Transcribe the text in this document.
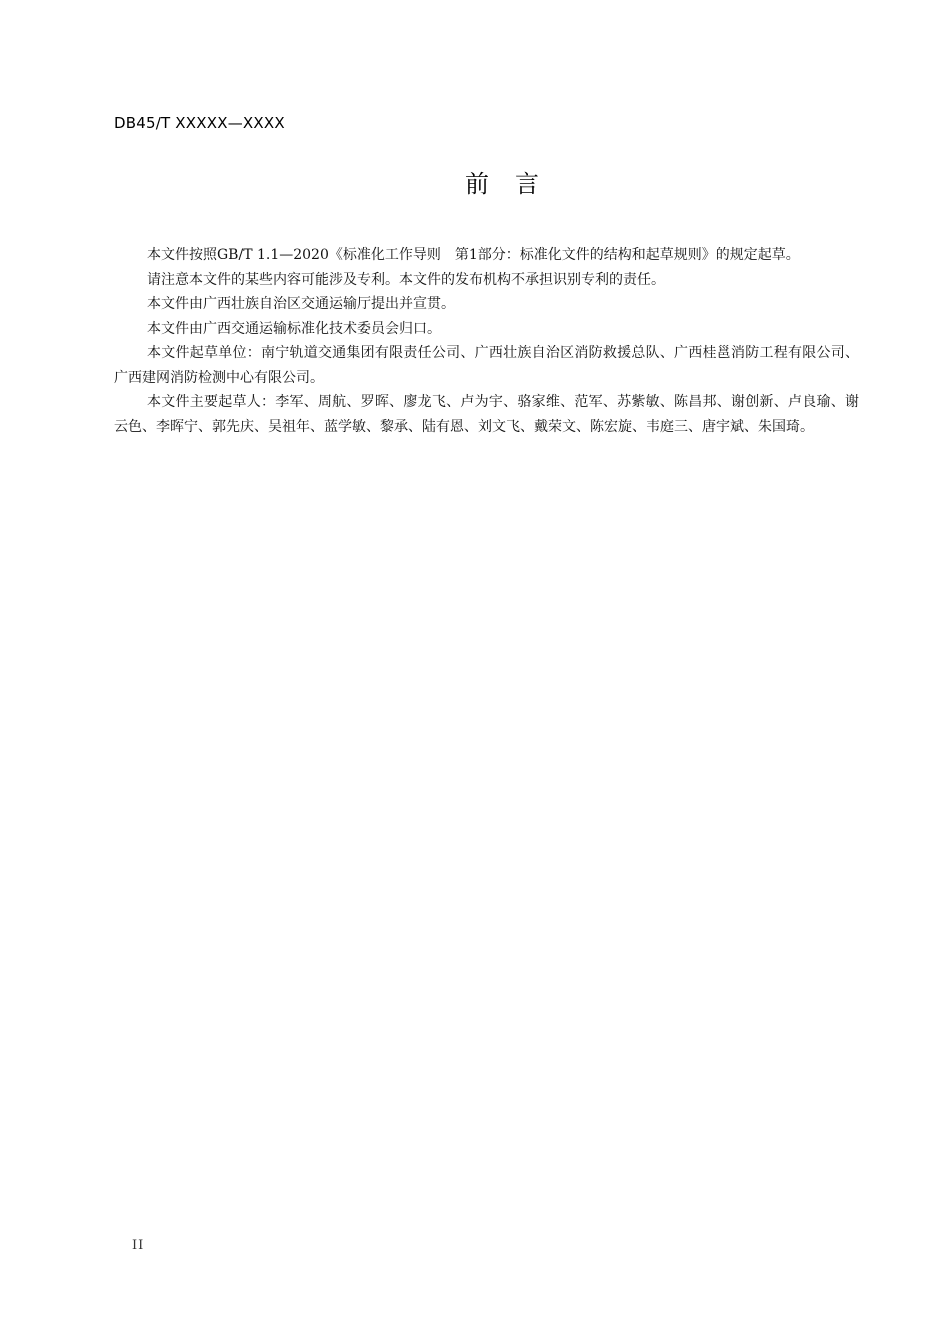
DB45/T XXXXX—XXXX
前 言

本文件按照GB/T 1.1—2020《标准化工作导则　第1部分：标准化文件的结构和起草规则》的规定起草。

请注意本文件的某些内容可能涉及专利。本文件的发布机构不承担识别专利的责任。

本文件由广西壮族自治区交通运输厅提出并宣贯。

本文件由广西交通运输标准化技术委员会归口。

本文件起草单位：南宁轨道交通集团有限责任公司、广西壮族自治区消防救援总队、广西桂邕消防工程有限公司、广西建网消防检测中心有限公司。

本文件主要起草人：李军、周航、罗晖、廖龙飞、卢为宇、骆家维、范军、苏紫敏、陈昌邦、谢创新、卢良瑜、谢云色、李晖宁、郭先庆、吴祖年、蓝学敏、黎承、陆有恩、刘文飞、戴荣文、陈宏旋、韦庭三、唐宇斌、朱国琦。

II
